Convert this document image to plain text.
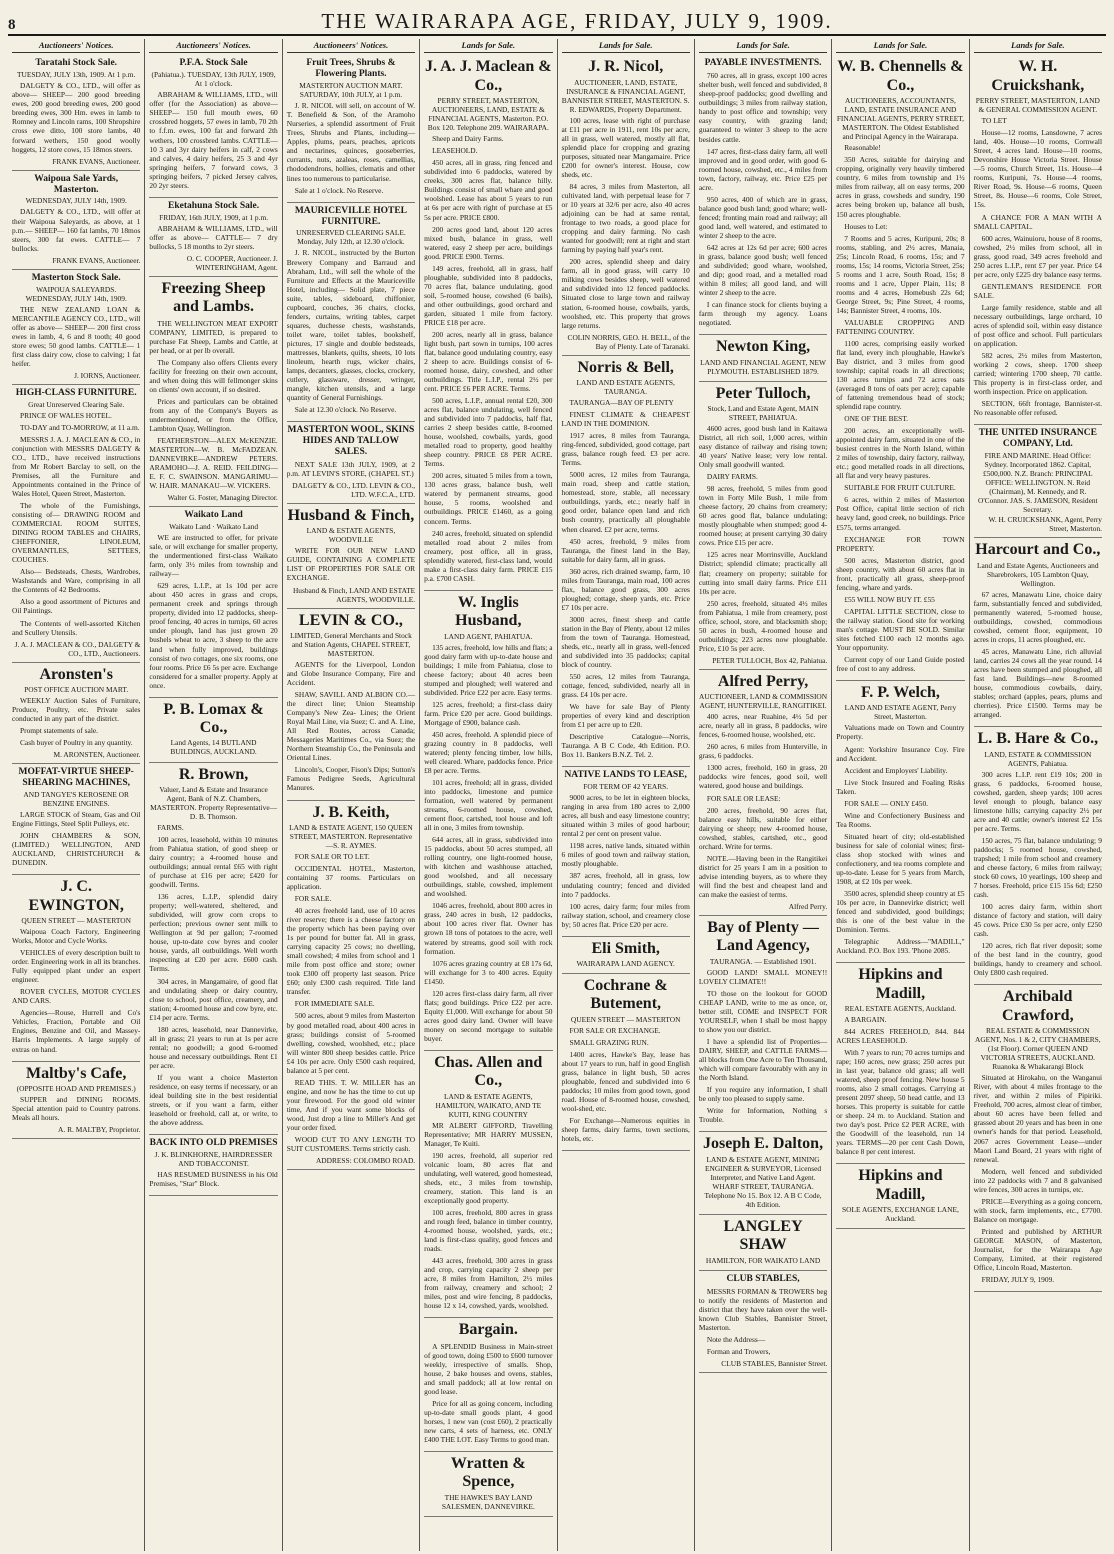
8	THE WAIRARAPA AGE, FRIDAY, JULY 9, 1909.
Auctioneers' Notices.
Taratahi Stock Sale.
TUESDAY, JULY 13th, 1909. At 1 p.m.

DALGETY & CO., LTD., will offer as above— SHEEP— 200 good breeding ewes, 200 good breeding ewes, 200 good breeding ewes, 300 Hm. ewes in lamb to Romney and Lincoln rams, 100 Shropshire cross ewe ditto, 100 store lambs, 40 forward wethers, 150 good woolly hoggets, 12 store cows, 15 18mos steers.

FRANK EVANS, Auctioneer.
Waipoua Sale Yards, Masterton.
WEDNESDAY, JULY 14th, 1909.

DALGETY & CO., LTD., will offer at their Waipoua Saleyards, as above, at 1 p.m.— SHEEP— 160 fat lambs, 70 18mos steers, 300 fat ewes. CATTLE— 7 bullocks.

FRANK EVANS, Auctioneer.
Masterton Stock Sale.
WAIPOUA SALEYARDS. WEDNESDAY, JULY 14th, 1909.

THE NEW ZEALAND LOAN & MERCANTILE AGENCY CO., LTD., will offer as above— SHEEP— 200 first cross ewes in lamb, 4, 6 and 8 tooth; 40 good store ewes; 50 good lambs. CATTLE— 1 first class dairy cow, close to calving; 1 fat heifer.

J. IORNS, Auctioneer.
HIGH-CLASS FURNITURE.
Great Unreserved Clearing Sale.

PRINCE OF WALES HOTEL.

TO-DAY and TO-MORROW, at 11 a.m.

MESSRS J. A. J. MACLEAN & CO., in conjunction with MESSRS DALGETY & CO., LTD., have received instructions from Mr Robert Barclay to sell, on the Premises, all the Furniture and Appointments contained in the Prince of Wales Hotel, Queen Street, Masterton.

The whole of the Furnishings, consisting of— DRAWING ROOM and COMMERCIAL ROOM SUITES, DINING ROOM TABLES and CHAIRS, CHEFFONIER, LINOLEUM, OVERMANTLES, SETTEES, COUCHES.

Also— Bedsteads, Chests, Wardrobes, Washstands and Ware, comprising in all the Contents of 42 Bedrooms.

Also a good assortment of Pictures and Oil Paintings.

The Contents of well-assorted Kitchen and Scullery Utensils.

J. A. J. MACLEAN & CO., DALGETY & CO., LTD., Auctioneers.
Aronsten's
POST OFFICE AUCTION MART.

WEEKLY Auction Sales of Furniture, Produce, Poultry, etc. Private sales conducted in any part of the district.

Prompt statements of sale.

Cash buyer of Poultry in any quantity.

M. ARONSTEN, Auctioneer.
MOFFAT-VIRTUE SHEEP-SHEARING MACHINES,
AND TANGYE'S KEROSENE OR BENZINE ENGINES.

LARGE STOCK of Steam, Gas and Oil Engine Fittings, Steel Split Pulleys, etc.

JOHN CHAMBERS & SON, (LIMITED.) WELLINGTON, AND AUCKLAND, CHRISTCHURCH & DUNEDIN.

J. C. EWINGTON,
QUEEN STREET — MASTERTON

Waipoua Coach Factory, Engineering Works, Motor and Cycle Works.

VEHICLES of every description built to order. Engineering work in all its branches. Fully equipped plant under an expert engineer.

ROVER CYCLES, MOTOR CYCLES AND CARS.

Agencies—Rouse, Hurrell and Co's Vehicles, Fraction, Portable and Oil Engines, Benzine and Oil, and Massey-Harris Implements. A large supply of extras on hand.

Maltby's Cafe,
(OPPOSITE HOAD AND PREMISES.)

SUPPER and DINING ROOMS. Special attention paid to Country patrons. Meals all hours.

A. R. MALTBY, Proprietor.
Auctioneers' Notices.
P.F.A. Stock Sale
(Pahiatua.). TUESDAY, 13th JULY, 1909, At 1 o'clock.

ABRAHAM & WILLIAMS, LTD., will offer (for the Association) as above— SHEEP— 150 full mouth ewes, 60 crossbred hoggets, 57 ewes in lamb, 70 2th to f.f.m. ewes, 100 fat and forward 2th wethers, 100 crossbred lambs. CATTLE— 10 3 and 3yr dairy heifers in calf, 2 cows and calves, 4 dairy heifers, 25 3 and 4yr springing heifers, 7 forward cows, 3 springing heifers, 7 picked Jersey calves, 20 2yr steers.

Eketahuna Stock Sale.
FRIDAY, 16th JULY, 1909, at 1 p.m.

ABRAHAM & WILLIAMS, LTD., will offer as above— CATTLE— 7 dry bullocks, 5 18 months to 2yr steers.

O. C. COOPER, Auctioneer. J. WINTERINGHAM, Agent.
Freezing Sheep and Lambs.

THE WELLINGTON MEAT EXPORT COMPANY, LIMITED, is prepared to purchase Fat Sheep, Lambs and Cattle, at per head, or at per lb overall.

The Company also offers Clients every facility for freezing on their own account, and when doing this will fellmonger skins on clients' own account, if so desired.

Prices and particulars can be obtained from any of the Company's Buyers as undermentioned, or from the Office, Lambton Quay, Wellington.

FEATHERSTON—ALEX McKENZIE. MASTERTON—W. B. McFADZEAN. DANNEVIRKE—ANDREW PETERS. ARAMOHO—J. A. REID. FEILDING—E. F. C. SWAINSON. MANGARIMU—W. HAIR. MANAKAU—W. VICKERS.

Walter G. Foster, Managing Director.
Waikato Land
Waikato Land · Waikato Land

WE are instructed to offer, for private sale, or will exchange for smaller property, the undermentioned first-class Waikato farm, only 3½ miles from township and railway—

629 acres, L.I.P., at 1s 10d per acre about 450 acres in grass and crops, permanent creek and springs through property, divided into 12 paddocks, sheep-proof fencing, 40 acres in turnips, 60 acres under plough, land has just grown 20 bushels wheat to acre, 3 sheep to the acre land when fully improved, buildings consist of two cottages, one six rooms, one four rooms. Price £6 5s per acre. Exchange considered for a smaller property. Apply at once.

P. B. Lomax & Co.,
Land Agents, 14 BUTLAND BUILDINGS, AUCKLAND.
R. Brown,
Valuer, Land & Estate and Insurance Agent, Bank of N.Z. Chambers, MASTERTON. Property Representative—D. B. Thomson.

FARMS.

100 acres, leasehold, within 10 minutes from Pahiatua station, of good sheep or dairy country; a 4-roomed house and outbuildings; annual rental £65 with right of purchase at £16 per acre; £420 for goodwill. Terms.

136 acres, L.I.P., splendid dairy property; well-watered, sheltered, and subdivided, will grow corn crops to perfection; previous owner sent milk to Wellington at 9d per gallon; 7-roomed house, up-to-date cow byres and cooler house, yards, all outbuildings. Well worth inspecting at £20 per acre. £600 cash. Terms.

304 acres, in Mangamaire, of good flat and undulating sheep or dairy country, close to school, post office, creamery, and station; 4-roomed house and cow byre, etc. £14 per acre. Terms.

180 acres, leasehold, near Dannevirke, all in grass; 21 years to run at 1s per acre rental; no goodwill; a good 6-roomed house and necessary outbuildings. Rent £1 per acre.

If you want a choice Masterton residence, on easy terms if necessary, or an ideal building site in the best residential streets, or if you want a farm, either leasehold or freehold, call at, or write, to the above address.

BACK INTO OLD PREMISES
J. K. BLINKHORNE, HAIRDRESSER AND TOBACCONIST.

HAS RESUMED BUSINESS in his Old Premises, "Star" Block.

Auctioneers' Notices.
Fruit Trees, Shrubs & Flowering Plants.
MASTERTON AUCTION MART. SATURDAY, 10th JULY, at 1 p.m.

J. R. NICOL will sell, on account of W. T. Benefield & Son, of the Aramoho Nurseries, a splendid assortment of Fruit Trees, Shrubs and Plants, including—Apples, plums, pears, peaches, apricots and nectarines, quinces, gooseberries, currants, nuts, azaleas, roses, camellias, rhododendrons, hollies, clematis and other lines too numerous to particularise.

Sale at 1 o'clock. No Reserve.

MAURICEVILLE HOTEL FURNITURE.
UNRESERVED CLEARING SALE. Monday, July 12th, at 12.30 o'clock.

J. R. NICOL, instructed by the Burton Brewery Company and Barraud and Abraham, Ltd., will sell the whole of the Furniture and Effects at the Mauriceville Hotel, including— Solid plate, 7 piece suite, tables, sideboard, chiffonier, cupboard, couches, 36 chairs, clocks, fenders, curtains, writing tables, carpet squares, duchesse chests, washstands, toilet ware, toilet tables, bookshelf, pictures, 17 single and double bedsteads, mattresses, blankets, quilts, sheets, 10 lots linoleum, hearth rugs, wicker chairs, lamps, decanters, glasses, clocks, crockery, cutlery, glassware, dresser, wringer, mangle, kitchen utensils, and a large quantity of General Furnishings.

Sale at 12.30 o'clock. No Reserve.

MASTERTON WOOL, SKINS HIDES AND TALLOW SALES.

NEXT SALE 13th JULY, 1909, at 2 p.m. AT LEVIN'S STORE, (CHAPEL ST.)

DALGETY & CO., LTD. LEVIN & CO., LTD. W.F.C.A., LTD.
Husband & Finch,
LAND & ESTATE AGENTS, WOODVILLE

WRITE FOR OUR NEW LAND GUIDE, CONTAINING A COMPLETE LIST OF PROPERTIES FOR SALE OR EXCHANGE.

Husband & Finch, LAND AND ESTATE AGENTS, WOODVILLE.
LEVIN & CO.,
LIMITED, General Merchants and Stock and Station Agents, CHAPEL STREET, MASTERTON.

AGENTS for the Liverpool, London and Globe Insurance Company, Fire and Accident.

SHAW, SAVILL AND ALBION CO.—the direct line; Union Steamship Company's New Zea- Lines; the Orient Royal Mail Line, via Suez; C. and A. Line, All Red Routes, across Canada; Messageries Maritimes Co., via Suez; the Northern Steamship Co., the Peninsula and Oriental Lines.

Lincoln's, Cooper, Fison's Dips; Sutton's Famous Pedigree Seeds, Agricultural Manures.

J. B. Keith,
LAND & ESTATE AGENT, 150 QUEEN STREET, MASTERTON. Representative—S. R. AYMES.

FOR SALE OR TO LET.

OCCIDENTAL HOTEL, Masterton, containing 37 rooms. Particulars on application.

FOR SALE.

40 acres freehold land, use of 10 acres river reserve; there is a cheese factory on the property which has been paying over 1s per pound for butter fat. All in grass, carrying capacity 25 cows; no dwelling, small cowshed; 4 miles from school and 1 mile from post office and store; owner took £300 off property last season. Price £60; only £300 cash required. Title land transfer.

FOR IMMEDIATE SALE.

500 acres, about 9 miles from Masterton by good metalled road, about 400 acres in grass; buildings consist of 5-roomed dwelling, cowshed, woolshed, etc.; place will winter 800 sheep besides cattle. Price £4 10s per acre. Only £500 cash required, balance at 5 per cent.

READ THIS. T. W. MILLER has an engine, and now he has the time to cut up your firewood. For the good old winter time, And if you want some blocks of wood, Just drop a line to Miller's And get your order fixed.

WOOD CUT TO ANY LENGTH TO SUIT CUSTOMERS. Terms strictly cash.

ADDRESS: COLOMBO ROAD.
Lands for Sale.
J. A. J. Maclean & Co.,
PERRY STREET, MASTERTON, AUCTIONEERS, LAND, ESTATE & FINANCIAL AGENTS, Masterton. P.O. Box 120. Telephone 209. WAIRARAPA.

Sheep and Dairy Farms.

LEASEHOLD.

450 acres, all in grass, ring fenced and subdivided into 6 paddocks, watered by creeks, 300 acres flat, balance hilly. Buildings consist of small whare and good woolshed. Lease has about 5 years to run at 6s per acre with right of purchase at £5 5s per acre. PRICE £800.

200 acres good land, about 120 acres mixed bush, balance in grass, well watered, easy 2 sheep per acre, buildings good. PRICE £900. Terms.

149 acres, freehold, all in grass, half ploughable, subdivided into 8 paddocks, 70 acres flat, balance undulating, good soil, 5-roomed house, cowshed (6 bails), and other outbuildings, good orchard and garden, situated 1 mile from factory. PRICE £18 per acre.

200 acres, nearly all in grass, balance light bush, part sown in turnips, 100 acres flat, balance good undulating country, easy 2 sheep to acre. Buildings consist of 6-roomed house, dairy, cowshed, and other outbuildings. Title L.I.P., rental 2½ per cent. PRICE £6 PER ACRE. Terms.

500 acres, L.I.P., annual rental £20, 300 acres flat, balance undulating, well fenced and subdivided into 7 paddocks, half flat, carries 2 sheep besides cattle, 8-roomed house, woolshed, cowbails, yards, good metalled road to property, good healthy sheep country. PRICE £8 PER ACRE. Terms.

200 acres, situated 5 miles from a town, 130 acres grass, balance bush, well watered by permanent streams, good house, 5 rooms, woolshed and outbuildings. PRICE £1460, as a going concern. Terms.

240 acres, freehold, situated on splendid metalled road about 2 miles from creamery, post office, all in grass, splendidly watered, first-class land, would make a first-class dairy farm. PRICE £15 p.a. £700 CASH.

W. Inglis Husband,
LAND AGENT, PAHIATUA.

135 acres, freehold, low hills and flats; a good dairy farm with up-to-date house and buildings; 1 mile from Pahiatua, close to cheese factory; about 40 acres been stumped and ploughed; well watered and subdivided. Price £22 per acre. Easy terms.

125 acres, freehold; a first-class dairy farm. Price £20 per acre. Good buildings. Mortgage of £900, balance cash.

450 acres, freehold. A splendid piece of grazing country in 8 paddocks, well watered; plenty fencing timber, low hills, well cleared. Whare, paddocks fence. Price £8 per acre. Terms.

101 acres, freehold; all in grass, divided into paddocks, limestone and pumice formation, well watered by permanent streams, 6-roomed house, cowshed, cement floor, cartshed, tool house and loft all in one, 3 miles from township.

644 acres, all in grass, subdivided into 15 paddocks, about 50 acres stumped, all rolling country, one light-roomed house, with kitchen and washhouse attached, good woolshed, and all necessary outbuildings, stable, cowshed, implement and woolshed.

1046 acres, freehold, about 800 acres in grass, 240 acres in bush, 12 paddocks, about 100 acres river flat. Owner has grown 18 tons of potatoes to the acre, well watered by streams, good soil with rock formation.

1076 acres grazing country at £8 17s 6d, will exchange for 3 to 400 acres. Equity £1450.

120 acres first-class dairy farm, all river flats; good buildings. Price £22 per acre. Equity £1,000. Will exchange for about 50 acres good dairy land. Owner will leave money on second mortgage to suitable buyer.

Chas. Allen and Co.,
LAND & ESTATE AGENTS, HAMILTON, WAIKATO, AND TE KUITI, KING COUNTRY

MR ALBERT GIFFORD, Travelling Representative; MR HARRY MUSSEN, Manager, Te Kuiti.

190 acres, freehold, all superior red volcanic loam, 80 acres flat and undulating, well watered, good homestead, sheds, etc., 3 miles from township, creamery, station. This land is an exceptionally good property.

100 acres, freehold, 800 acres in grass and rough feed, balance in timber country, 4-roomed house, woolshed, yards, etc.; land is first-class quality, good fences and roads.

443 acres, freehold, 300 acres in grass and crop, carrying capacity 2 sheep per acre, 8 miles from Hamilton, 2½ miles from railway, creamery and school; 2 miles, post and wire fencing, 8 paddocks, house 12 x 14, cowshed, yards, woolshed.

Bargain.

A SPLENDID Business in Main-street of good town, doing £500 to £600 turnover weekly, irrespective of smalls. Shop, house, 2 bake houses and ovens, stables, and small paddock; all at low rental on good lease.

Price for all as going concern, including up-to-date small goods plant, 4 good horses, 1 new van (cost £60), 2 practically new carts, 4 sets of harness, etc. ONLY £400 THE LOT. Easy Terms to good man.

Wratten & Spence,
THE HAWKE'S BAY LAND SALESMEN, DANNEVIRKE.
Lands for Sale.
J. R. Nicol,
AUCTIONEER, LAND, ESTATE, INSURANCE & FINANCIAL AGENT, BANNISTER STREET, MASTERTON. S. R. EDWARDS, Property Department.

100 acres, lease with right of purchase at £11 per acre in 1911, rent 10s per acre, all in grass, well watered, mostly all flat, splendid place for cropping and grazing purposes, situated near Mangamaire. Price £200 for owner's interest. House, cow sheds, etc.

84 acres, 3 miles from Masterton, all cultivated land, with perpetual lease for 7 or 10 years at 32/6 per acre, also 40 acres adjoining can be had at same rental, frontage to two roads, a good place for cropping and dairy farming. No cash wanted for goodwill; rent at right and start farming by paying half year's rent.

200 acres, splendid sheep and dairy farm, all in good grass, will carry 10 milking cows besides sheep, well watered and subdivided into 12 fenced paddocks. Situated close to large town and railway station, 6-roomed house, cowbails, yards, woolshed, etc. This property that grows large returns.

COLIN NORRIS, GEO. H. BELL, of the Bay of Plenty. Late of Taranaki.
Norris & Bell,
LAND AND ESTATE AGENTS, TAURANGA.

TAURANGA—BAY OF PLENTY

FINEST CLIMATE & CHEAPEST LAND IN THE DOMINION.

1917 acres, 8 miles from Tauranga, ring-fenced, subdivided, good cottage, part grass, balance rough feed. £3 per acre. Terms.

5000 acres, 12 miles from Tauranga, main road, sheep and cattle station, homestead, store, stable, all necessary outbuildings, yards, etc.; nearly half in good order, balance open land and rich bush country, practically all ploughable when cleared. £2 per acre, terms.

450 acres, freehold, 9 miles from Tauranga, the finest land in the Bay, suitable for dairy farm, all in grass.

360 acres, rich drained swamp, farm, 10 miles from Tauranga, main road, 100 acres flax, balance good grass, 300 acres ploughed; cottage, sheep yards, etc. Price £7 10s per acre.

3000 acres, finest sheep and cattle station in the Bay of Plenty, about 12 miles from the town of Tauranga. Homestead, sheds, etc., nearly all in grass, well-fenced and subdivided into 35 paddocks; capital block of country.

550 acres, 12 miles from Tauranga, cottage, fenced, subdivided, nearly all in grass. £4 10s per acre.

We have for sale Bay of Plenty properties of every kind and description from £1 per acre up to £20.

Descriptive Catalogue—Norris, Tauranga. A B C Code, 4th Edition. P.O. Box 11. Bankers B.N.Z. Tel. 2.

NATIVE LANDS TO LEASE,
FOR TERM OF 42 YEARS.

9000 acres, to be let in eighteen blocks, ranging in area from 180 acres to 2,000 acres, all bush and easy limestone country; situated within 3 miles of good harbour; rental 2 per cent on present value.

1198 acres, native lands, situated within 6 miles of good town and railway station, mostly ploughable.

387 acres, freehold, all in grass, low undulating country; fenced and divided into 7 paddocks.

100 acres, dairy farm; four miles from railway station, school, and creamery close by; 50 acres flat. Price £20 per acre.

Eli Smith,
WAIRARAPA LAND AGENCY.
Cochrane & Butement,
QUEEN STREET — MASTERTON

FOR SALE OR EXCHANGE.

SMALL GRAZING RUN.

1400 acres, Hawke's Bay, lease has about 17 years to run, half in good English grass, balance in light bush, 50 acres ploughable, fenced and subdivided into 6 paddocks; 10 miles from good town, good road. House of 8-roomed house, cowshed, wool-shed, etc.

For Exchange—Numerous equities in sheep farms, dairy farms, town sections, hotels, etc.

Lands for Sale.
PAYABLE INVESTMENTS.

760 acres, all in grass, except 100 acres shelter bush, well fenced and subdivided, 8 sheep-proof paddocks; good dwelling and outbuildings; 3 miles from railway station, handy to post office and township; very easy country, with grazing land; guaranteed to winter 3 sheep to the acre besides cattle.

147 acres, first-class dairy farm, all well improved and in good order, with good 6-roomed house, cowshed, etc., 4 miles from town, factory, railway, etc. Price £25 per acre.

950 acres, 400 of which are in grass, balance good bush land; good whare; well-fenced; fronting main road and railway; all good land, well watered, and estimated to winter 2 sheep to the acre.

642 acres at 12s 6d per acre; 600 acres in grass, balance good bush; well fenced and subdivided; good whare, woolshed, and dip; good road, and a metalled road within 8 miles; all good land, and will winter 2 sheep to the acre.

I can finance stock for clients buying a farm through my agency. Loans negotiated.

Newton King,
LAND AND FINANCIAL AGENT, NEW PLYMOUTH. ESTABLISHED 1879.
Peter Tulloch,
Stock, Land and Estate Agent, MAIN STREET, PAHIATUA.

4600 acres, good bush land in Kaitawa District, all rich soil, 1,000 acres, within easy distance of railway and rising town; 40 years' Native lease; very low rental. Only small goodwill wanted.

DAIRY FARMS.

98 acres, freehold, 5 miles from good town in Forty Mile Bush, 1 mile from cheese factory, 20 chains from creamery; 60 acres good flat, balance undulating; mostly ploughable when stumped; good 4-roomed house; at present carrying 30 dairy cows. Price £15 per acre.

125 acres near Morrinsville, Auckland District; splendid climate; practically all flat; creamery on property; suitable for cutting into small dairy farms. Price £11 10s per acre.

250 acres, freehold, situated 4½ miles from Pahiatua, 1 mile from creamery, post office, school, store, and blacksmith shop; 50 acres in bush, 4-roomed house and outbuildings; 223 acres now ploughable. Price, £10 5s per acre.

PETER TULLOCH, Box 42, Pahiatua.
Alfred Perry,
AUCTIONEER, LAND & COMMISSION AGENT, HUNTERVILLE, RANGITIKEI.

400 acres, near Ruahine, 4½ 5d per acre, nearly all in grass, 8 paddocks, wire fences, 6-roomed house, woolshed, etc.

260 acres, 6 miles from Hunterville, in grass, 6 paddocks.

1300 acres, freehold, 160 in grass, 20 paddocks wire fences, good soil, well watered, good house and buildings.

FOR SALE OR LEASE:

200 acres, freehold, 90 acres flat, balance easy hills, suitable for either dairying or sheep; new 4-roomed house, cowshed, stables, cartshed, etc., good orchard. Write for terms.

NOTE.—Having been in the Rangitikei district for 25 years I am in a position to advise intending buyers, as to where they will find the best and cheapest land and can make the easiest of terms.

Alfred Perry.
Bay of Plenty — Land Agency,
TAURANGA. — Established 1901.

GOOD LAND! SMALL MONEY!! LOVELY CLIMATE!!

TO those on the lookout for GOOD CHEAP LAND, write to me as once, or, better still, COME and INSPECT FOR YOURSELF, when I shall be most happy to show you our district.

I have a splendid list of Properties—DAIRY, SHEEP, and CATTLE FARMS—all blocks from One Acre to Ten Thousand, which will compare favourably with any in the North Island.

If you require any information, I shall be only too pleased to supply same.

Write for Information, Nothing s Trouble.

Joseph E. Dalton,
LAND & ESTATE AGENT, MINING ENGINEER & SURVEYOR, Licensed Interpreter, and Native Land Agent. WHARF STREET, TAURANGA. Telephone No 15. Box 12. A B C Code, 4th Edition.
LANGLEY SHAW
HAMILTON, FOR WAIKATO LAND
CLUB STABLES,

MESSRS FORMAN & TROWERS beg to notify the residents of Masterton and district that they have taken over the well-known Club Stables, Bannister Street, Masterton.

Note the Address—

Forman and Trowers,

CLUB STABLES, Bannister Street.
Lands for Sale.
W. B. Chennells & Co.,
AUCTIONEERS, ACCOUNTANTS, LAND, ESTATE INSURANCE AND FINANCIAL AGENTS, PERRY STREET, MASTERTON. The Oldest Established and Principal Agency in the Wairarapa.

Reasonable!

350 Acres, suitable for dairying and cropping, originally very heavily timbered country, 6 miles from township and 1½ miles from railway, all on easy terms, 200 acres in grass, cowsheds and sundry, 190 acres being broken up, balance all bush, 150 acres ploughable.

Houses to Let:

7 Rooms and 5 acres, Kuripuni, 20s; 8 rooms, stabling, and 2½ acres, Manaia, 25s; Lincoln Road, 6 rooms, 15s; and 7 rooms, 15s; 14 rooms, Victoria Street, 25s; 5 rooms and 1 acre, South Road, 15s; 8 rooms and 1 acre, Upper Plain, 11s; 8 rooms and 4 acres, Homebush 22s 6d; George Street, 9s; Pine Street, 4 rooms, 14s; Bannister Street, 4 rooms, 10s.

VALUABLE CROPPING AND FATTENING COUNTRY.

1100 acres, comprising easily worked flat land, every inch ploughable, Hawke's Bay district, and 3 miles from good township; capital roads in all directions; 130 acres turnips and 72 acres oats (averaged 8 tons of oats per acre); capable of fattening tremendous head of stock; splendid rape country.

ONE OF THE BEST.

200 acres, an exceptionally well-appointed dairy farm, situated in one of the busiest centres in the North Island, within 2 miles of township, dairy factory, railway, etc.; good metalled roads in all directions, all flat and very heavy pastures.

SUITABLE FOR FRUIT CULTURE.

6 acres, within 2 miles of Masterton Post Office, capital little section of rich heavy land, good creek, no buildings. Price £575, terms arranged.

EXCHANGE FOR TOWN PROPERTY.

500 acres, Masterton district, good sheep country, with about 60 acres flat in front, practically all grass, sheep-proof fencing, whare and yards.

£55 WILL NOW BUY IT. £55

CAPITAL LITTLE SECTION, close to the railway station. Good site for working man's cottage. MUST BE SOLD. Similar sites fetched £100 each 12 months ago. Your opportunity.

Current copy of our Land Guide posted free of cost to any address.

F. P. Welch,
LAND AND ESTATE AGENT, Perry Street, Masterton.

Valuations made on Town and Country Property.

Agent: Yorkshire Insurance Coy. Fire and Accident.

Accident and Employers' Liability.

Live Stock Insured and Foaling Risks Taken.

FOR SALE — ONLY £450.

Wine and Confectionery Business and Tea Rooms.

Situated heart of city; old-established business for sale of colonial wines; first-class shop stocked with wines and confectionery, and tea rooms complete and up-to-date. Lease for 5 years from March, 1908, at £2 10s per week.

3500 acres, splendid sheep country at £5 10s per acre, in Dannevirke district; well fenced and subdivided, good buildings; this is one of the best value in the Dominion. Terms.

Telegraphic Address—"MADILL," Auckland. P.O. Box 193. 'Phone 2085.

Hipkins and Madill,
REAL ESTATE AGENTS, Auckland.

A BARGAIN.

844 ACRES FREEHOLD, 844. 844 ACRES LEASEHOLD.

With 7 years to run; 70 acres turnips and rape; 160 acres, new grass; 250 acres put in last year, balance old grass; all well watered, sheep proof fencing. New house 5 rooms, also 2 small cottages. Carrying at present 2097 sheep, 50 head cattle, and 13 horses. This property is suitable for cattle or sheep. 24 m. to Auckland. Station and two day's post. Price £2 PER ACRE, with the Goodwill of the leasehold, run 14 years. TERMS—20 per cent Cash Down, balance 8 per cent interest.

Hipkins and Madill,
SOLE AGENTS, EXCHANGE LANE, Auckland.
Lands for Sale.
W. H. Cruickshank,
PERRY STREET, MASTERTON, LAND & GENERAL COMMISSION AGENT.

TO LET

House—12 rooms, Lansdowne, 7 acres land, 40s. House—10 rooms, Cornwall Street, 4 acres land. House—10 rooms, Devonshire House Victoria Street. House—5 rooms, Church Street, 11s. House—4 rooms, Kuripuni, 7s. House—4 rooms, River Road, 9s. House—6 rooms, Queen Street, 8s. House—6 rooms, Cole Street, 15s.

A CHANCE FOR A MAN WITH A SMALL CAPITAL.

600 acres, Wainuioru, house of 8 rooms, cowshed, 2½ miles from school, all in grass, good road, 349 acres freehold and 250 acres L.I.P., rent £7 per year. Price £4 per acre, only £225 dry balance easy terms.

GENTLEMAN'S RESIDENCE FOR SALE.

Large family residence, stable and all necessary outbuildings, large orchard, 10 acres of splendid soil, within easy distance of post office and school. Full particulars on application.

582 acres, 2½ miles from Masterton, working 2 cows, sheep. 1700 sheep carried; wintering 1700 sheep, 70 cattle. This property is in first-class order, and worth inspection. Price on application.

SECTION, 66ft frontage, Bannister-st. No reasonable offer refused.

THE UNITED INSURANCE COMPANY, Ltd.
FIRE AND MARINE. Head Office: Sydney. Incorporated 1862. Capital, £500,000. N.Z. Branch: PRINCIPAL OFFICE: WELLINGTON. N. Reid (Chairman), M. Kennedy, and R. O'Connor. JAS. S. JAMESON, Resident Secretary.
W. H. CRUICKSHANK, Agent, Perry Street, Masterton.
Harcourt and Co.,
Land and Estate Agents, Auctioneers and Sharebrokers, 105 Lambton Quay, Wellington.

67 acres, Manawatu Line, choice dairy farm, substantially fenced and subdivided, permanently watered, 5-roomed house, outbuildings, cowshed, commodious cowshed, cement floor, equipment, 10 acres in crops, 11 acres ploughed, etc.

45 acres, Manawatu Line, rich alluvial land, carries 24 cows all the year round. 14 acres have been stumped and ploughed, all fast land. Buildings—new 8-roomed house, commodious cowbails, dairy, stables; orchard (apples, pears, plums and cherries). Price £1500. Terms may be arranged.

L. B. Hare & Co.,
LAND, ESTATE & COMMISSION AGENTS, Pahiatua.

300 acres L.I.P. rent £19 10s; 200 in grass, 6 paddocks, 6-roomed house, cowshed, garden, sheep yards; 100 acres level enough to plough, balance easy limestone hills; carrying capacity 2½ per acre and 40 cattle; owner's interest £2 15s per acre. Terms.

150 acres, 75 flat, balance undulating; 9 paddocks; 5 roomed house, cowshed, trapshed; 1 mile from school and creamery and cheese factory, 6 miles from railway; stock 60 cows, 10 yearlings, 100 sheep and 7 horses. Freehold, price £15 15s 6d; £250 cash.

100 acres dairy farm, within short distance of factory and station, will dairy 45 cows. Price £30 5s per acre, only £250 cash.

120 acres, rich flat river deposit; some of the best land in the country, good buildings, handy to creamery and school. Only £800 cash required.

Archibald Crawford,
REAL ESTATE & COMMISSION AGENT, Nos. 1 & 2, CITY CHAMBERS, (1st Floor). Corner QUEEN AND VICTORIA STREETS, AUCKLAND. Ruanoka & Whakarangi Block

Situated at Hirokahu, on the Wanganui River, with about 4 miles frontage to the river, and within 2 miles of Pipiriki. Freehold, 700 acres, almost clear of timber, about 60 acres have been felled and grassed about 20 years and has been in one owner's hands for that period. Leasehold, 2067 acres Government Lease—under Maori Land Board, 21 years with right of renewal.

Modern, well fenced and subdivided into 22 paddocks with 7 and 8 galvanised wire fences, 300 acres in turnips, etc.

PRICE—Everything as a going concern, with stock, farm implements, etc., £7700. Balance on mortgage.

Printed and published by ARTHUR GEORGE MASON, of Masterton, Journalist, for the Wairarapa Age Company, Limited, at their registered Office, Lincoln Road, Masterton.

FRIDAY, JULY 9, 1909.
